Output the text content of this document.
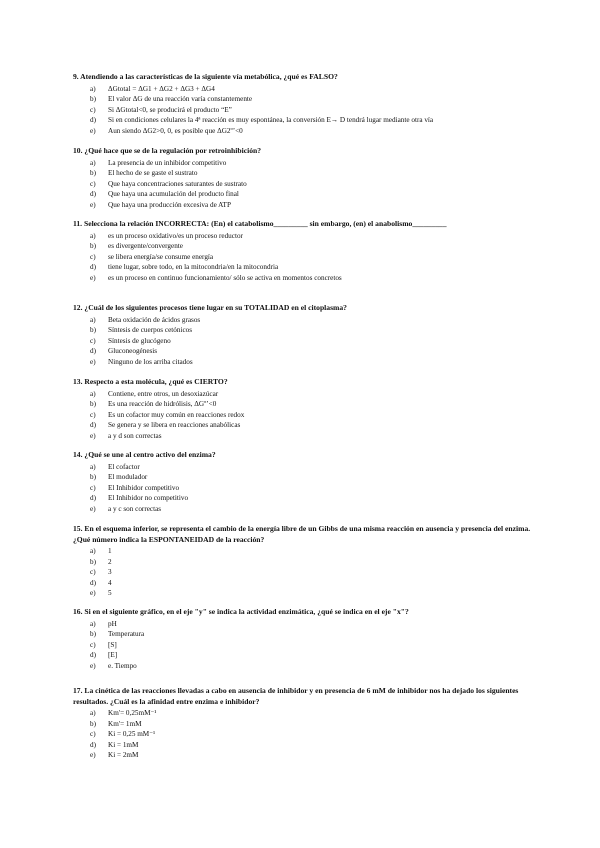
9. Atendiendo a las características de la siguiente vía metabólica, ¿qué es FALSO?

a) ΔGtotal = ΔG1 + ΔG2 + ΔG3 + ΔG4
b) El valor ΔG de una reacción varía constantemente
c) Si ΔGtotal<0, se producirá el producto “E”
d) Si en condiciones celulares la 4ª reacción es muy espontánea, la conversión E→ D tendrá lugar mediante otra vía
e) Aun siendo ΔG2>0, 0, es posible que ΔG2º’<0

10. ¿Qué hace que se de la regulación por retroinhibición?

a) La presencia de un inhibidor competitivo
b) El hecho de se gaste el sustrato
c) Que haya concentraciones saturantes de sustrato
d) Que haya una acumulación del producto final
e) Que haya una producción excesiva de ATP

11. Selecciona la relación INCORRECTA: (En) el catabolismo_________ sin embargo, (en) el anabolismo_________

a) es un proceso oxidativo/es un proceso reductor
b) es divergente/convergente
c) se libera energía/se consume energía
d) tiene lugar, sobre todo, en la mitocondria/en la mitocondria
e) es un proceso en continuo funcionamiento/ sólo se activa en momentos concretos

12. ¿Cuál de los siguientes procesos tiene lugar en su TOTALIDAD en el citoplasma?

a) Beta oxidación de ácidos grasos
b) Síntesis de cuerpos cetónicos
c) Síntesis de glucógeno
d) Gluconeogénesis
e) Ninguno de los arriba citados

13. Respecto a esta molécula, ¿qué es CIERTO?

a) Contiene, entre otros, un desoxiazúcar
b) Es una reacción de hidrólisis, ΔGº’<0
c) Es un cofactor muy común en reacciones redox
d) Se genera y se libera en reacciones anabólicas
e) a y d son correctas

14. ¿Qué se une al centro activo del enzima?

a) El cofactor
b) El modulador
c) El Inhibidor competitivo
d) El Inhibidor no competitivo
e) a y c son correctas

15. En el esquema inferior, se representa el cambio de la energía libre de un Gibbs de una misma reacción en ausencia y presencia del enzima. ¿Qué número indica la ESPONTANEIDAD de la reacción?

a) 1
b) 2
c) 3
d) 4
e) 5

16. Si en el siguiente gráfico, en el eje "y" se indica la actividad enzimática, ¿qué se indica en el eje "x"?

a) pH
b) Temperatura
c) [S]
d) [E]
e) e. Tiempo

17. La cinética de las reacciones llevadas a cabo en ausencia de inhibidor y en presencia de 6 mM de inhibidor nos ha dejado los siguientes resultados. ¿Cuál es la afinidad entre enzima e inhibidor?

a) Km'= 0,25mM⁻¹
b) Km'= 1mM
c) Ki = 0,25 mM⁻¹
d) Ki = 1mM
e) Ki = 2mM
